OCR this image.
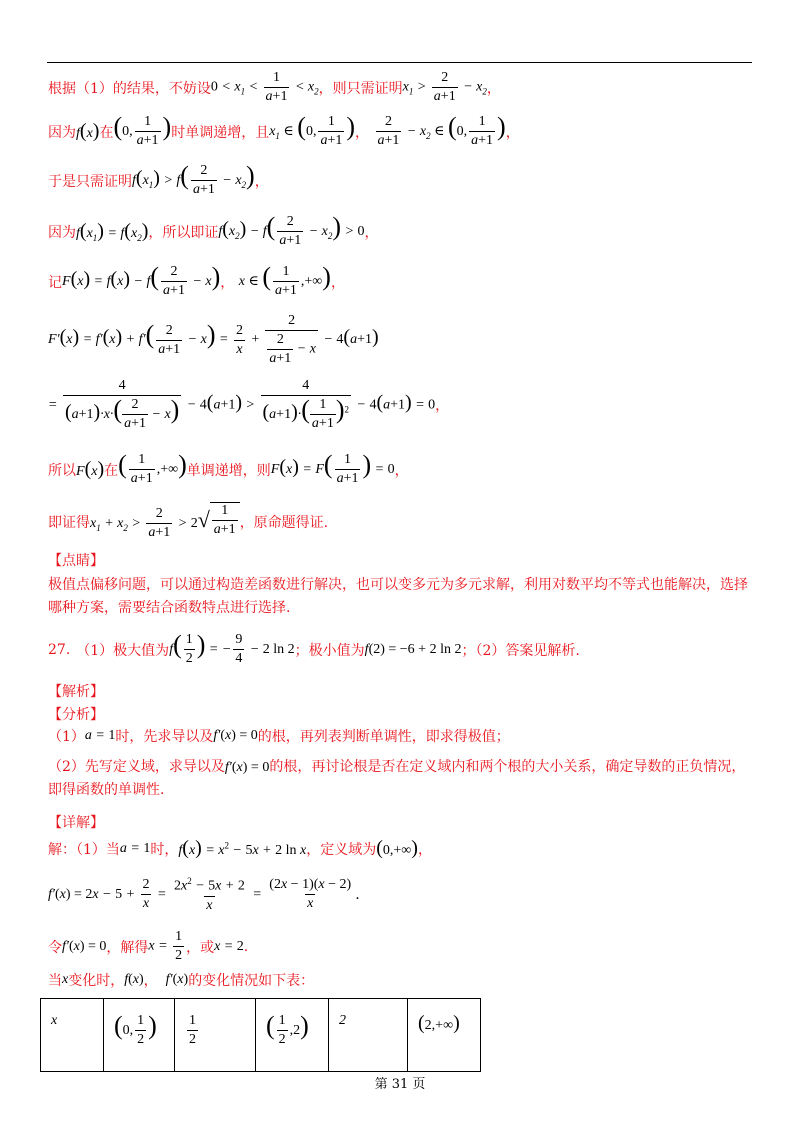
根据（1）的结果，不妨设 $0 < x_1 < \frac{1}{a+1} < x_2$ ，则只需证明 $x_1 > \frac{2}{a+1} - x_2$ ，
因为 f(x) 在 (0, $\frac{1}{a+1}$ ) 时单调递增，且 $x_1$ ∈ (0, $\frac{1}{a+1}$ ) ， $\frac{2}{a+1} - x_2$ ∈ (0, $\frac{1}{a+1}$ ) ，
于是只需证明 $f(x_1) > f( \frac{2}{a+1} - x_2)$ ，
因为 $f(x_1) = f(x_2)$ ，所以即证 $f(x_2) - f( \frac{2}{a+1} - x_2) > 0$ ，
记 $F(x) = f(x) - f( \frac{2}{a+1} - x)$ ， x ∈ ( $\frac{1}{a+1}$ ,+∞) ，
$F'(x) = f'(x) + f'( \frac{2}{a+1} - x) = \frac{2}{x} + \frac{2}{\frac{2}{a+1} - x} - 4(a+1)$
= $\frac{4}{(a+1)\cdot x\cdot( \frac{2}{a+1} - x)} - 4(a+1) > \frac{4}{(a+1)\cdot( \frac{1}{a+1} )^2} - 4(a+1) = 0$ ，
所以 F(x) 在 ( $\frac{1}{a+1}$ ,+∞) 单调递增，则 $F(x) = F( \frac{1}{a+1}$ ) = 0 ，
即证得 $x_1 + x_2 > \frac{2}{a+1} > 2$ √ $\frac{1}{a+1}$ ，原命题得证.
【点睛】
极值点偏移问题，可以通过构造差函数进行解决，也可以变多元为多元求解，利用对数平均不等式也能解决，选择哪种方案，需要结合函数特点进行选择.
27. （1）极大值为 $f( \frac{1}{2}$ ) = − $\frac{9}{4} - 2$ ln 2 ；极小值为 f(2) = −6 + 2 ln 2 ；（2）答案见解析.
【解析】
【分析】
（1） a = 1 时，先求导以及 f′(x) = 0 的根，再列表判断单调性，即求得极值；
（2）先写定义域，求导以及f′(x) = 0的根，再讨论根是否在定义域内和两个根的大小关系，确定导数的正负情况，即得函数的单调性.
【详解】
解：（1）当 a = 1 时， $f(x) = x^2 - 5x + 2$ ln x ，定义域为 (0,+∞) ，
$f'(x) = 2x - 5 + \frac{2}{x} = \frac{2x^2 - 5x + 2}{x} = \frac{(2x - 1)(x - 2)}{x}$ .
令 f′(x) = 0 ，解得 $x = \frac{1}{2}$ ，或 x = 2 .
当 x 变化时， f(x) ， f′(x) 的变化情况如下表：
x	(0, $\frac{1}{2}$ )	$\frac{1}{2}$	( $\frac{1}{2} ,2$)	2	(2,+∞)
第 31 页
